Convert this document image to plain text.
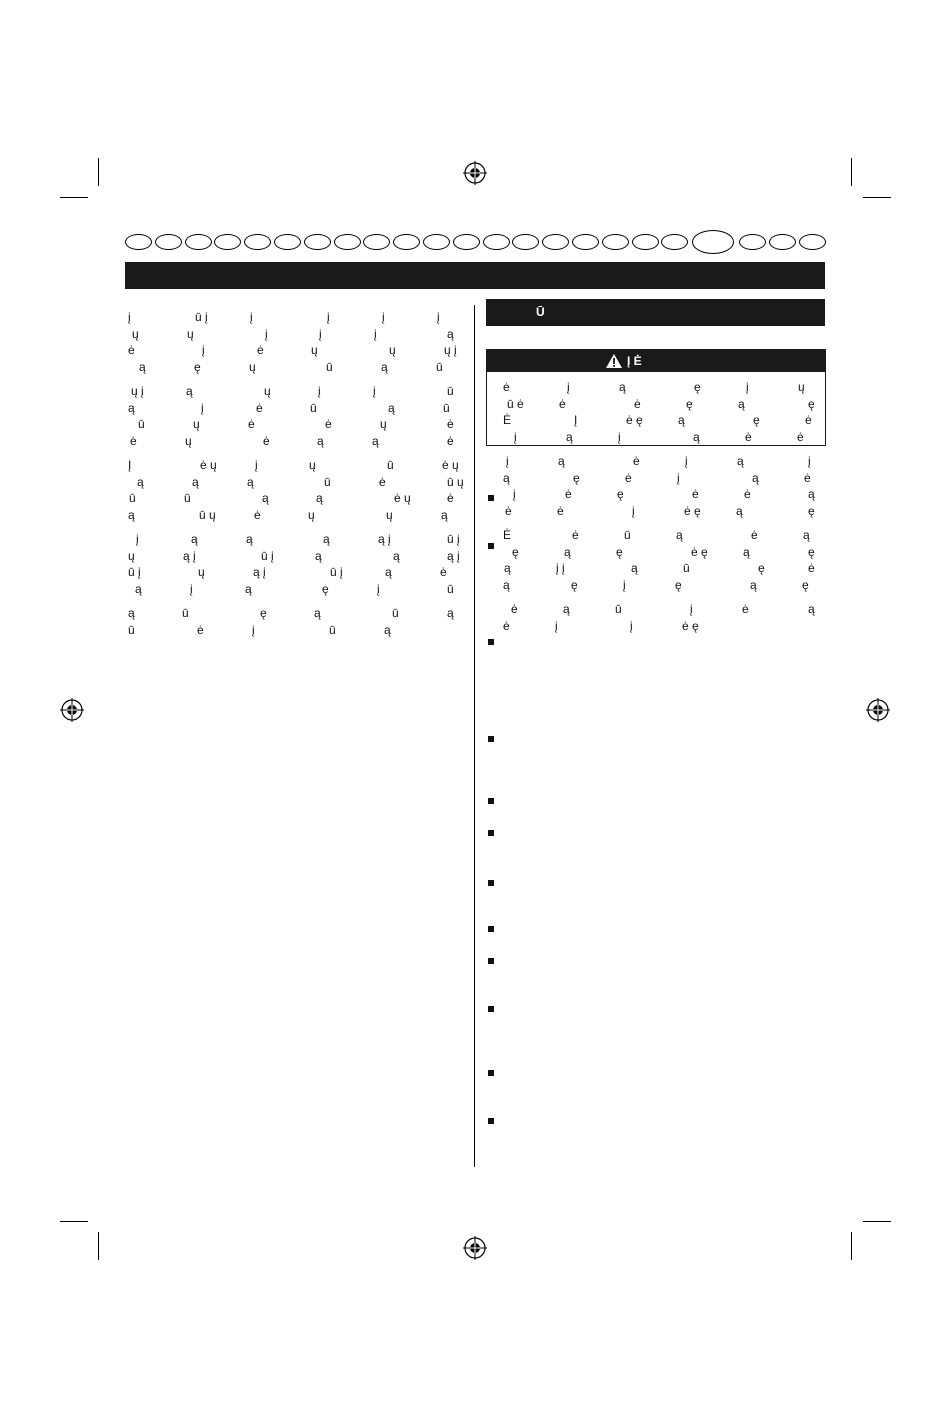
Ū
Į Ė
į	ū į	į	į	į	į
ų	ų	į	į	į	ą
ė	į	ė	ų	ų	ų į
ą	ę	ų	ū	ą	ū
ų į	ą	ų	į	į	ū
ą	į	ė	ū	ą	ū
ū	ų	ė	ė	ų	ė
ė	ų	ė	ą	ą	ė
Į	ė ų	į	ų	ū	ė ų
ą	ą	ą	ū	ė	ū ų
ū	ū	ą	ą	ė ų	ė
ą	ū ų	ė	ų	ų	ą
į	ą	ą	ą	ą į	ū į
ų	ą į	ū į	ą	ą	ą į
ū į	ų	ą į	ū į	ą	ė
ą	į	ą	ę	į	ū
ą	ū	ę	ą	ū	ą
ū	ė	į	ū	ą
ė	į	ą	ę	į	ų
ū ė	ė	ė	ę	ą	ę
Ė	Į	ė ę	ą	ę	ė
į	ą	į	ą	ė	ė
į	ą	ė	į	ą	į
ą	ę	ė	į	ą	ė
į	ė	ę	ė	ė	ą
ė	ė	į	ė ę	ą	ę
Ė	ė	ū	ą	ė	ą
ę	ą	ę	ė ę	ą	ę
ą	į į	ą	ū	ę	ė
ą	ę	į	ę	ą	ę
ė	ą	ū	į	ė	ą
ė	į	į	ė ę
